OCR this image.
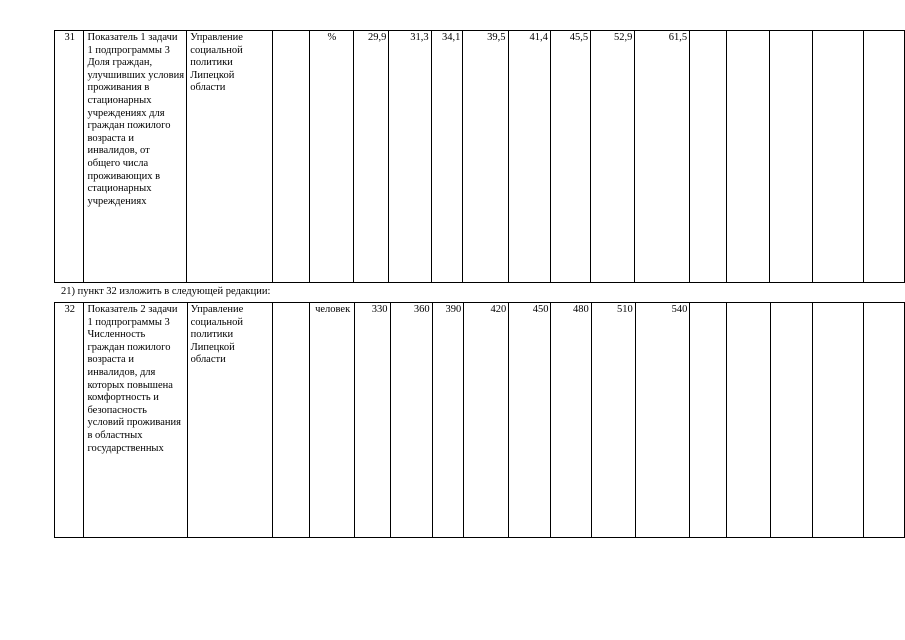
31	Показатель 1 задачи 1 подпрограммы 3 Доля граждан, улучшивших условия проживания в стационарных учреждениях для граждан пожилого возраста и инвалидов, от общего числа проживающих в стационарных учреждениях	Управление социальной политики Липецкой области		%	29,9	31,3	34,1	39,5	41,4	45,5	52,9	61,5					
21) пункт 32 изложить в следующей редакции:
32	Показатель 2 задачи 1 подпрограммы 3 Численность граждан пожилого возраста и инвалидов, для которых повышена комфортность и безопасность условий проживания в областных государственных	Управление социальной политики Липецкой области		человек	330	360	390	420	450	480	510	540					
